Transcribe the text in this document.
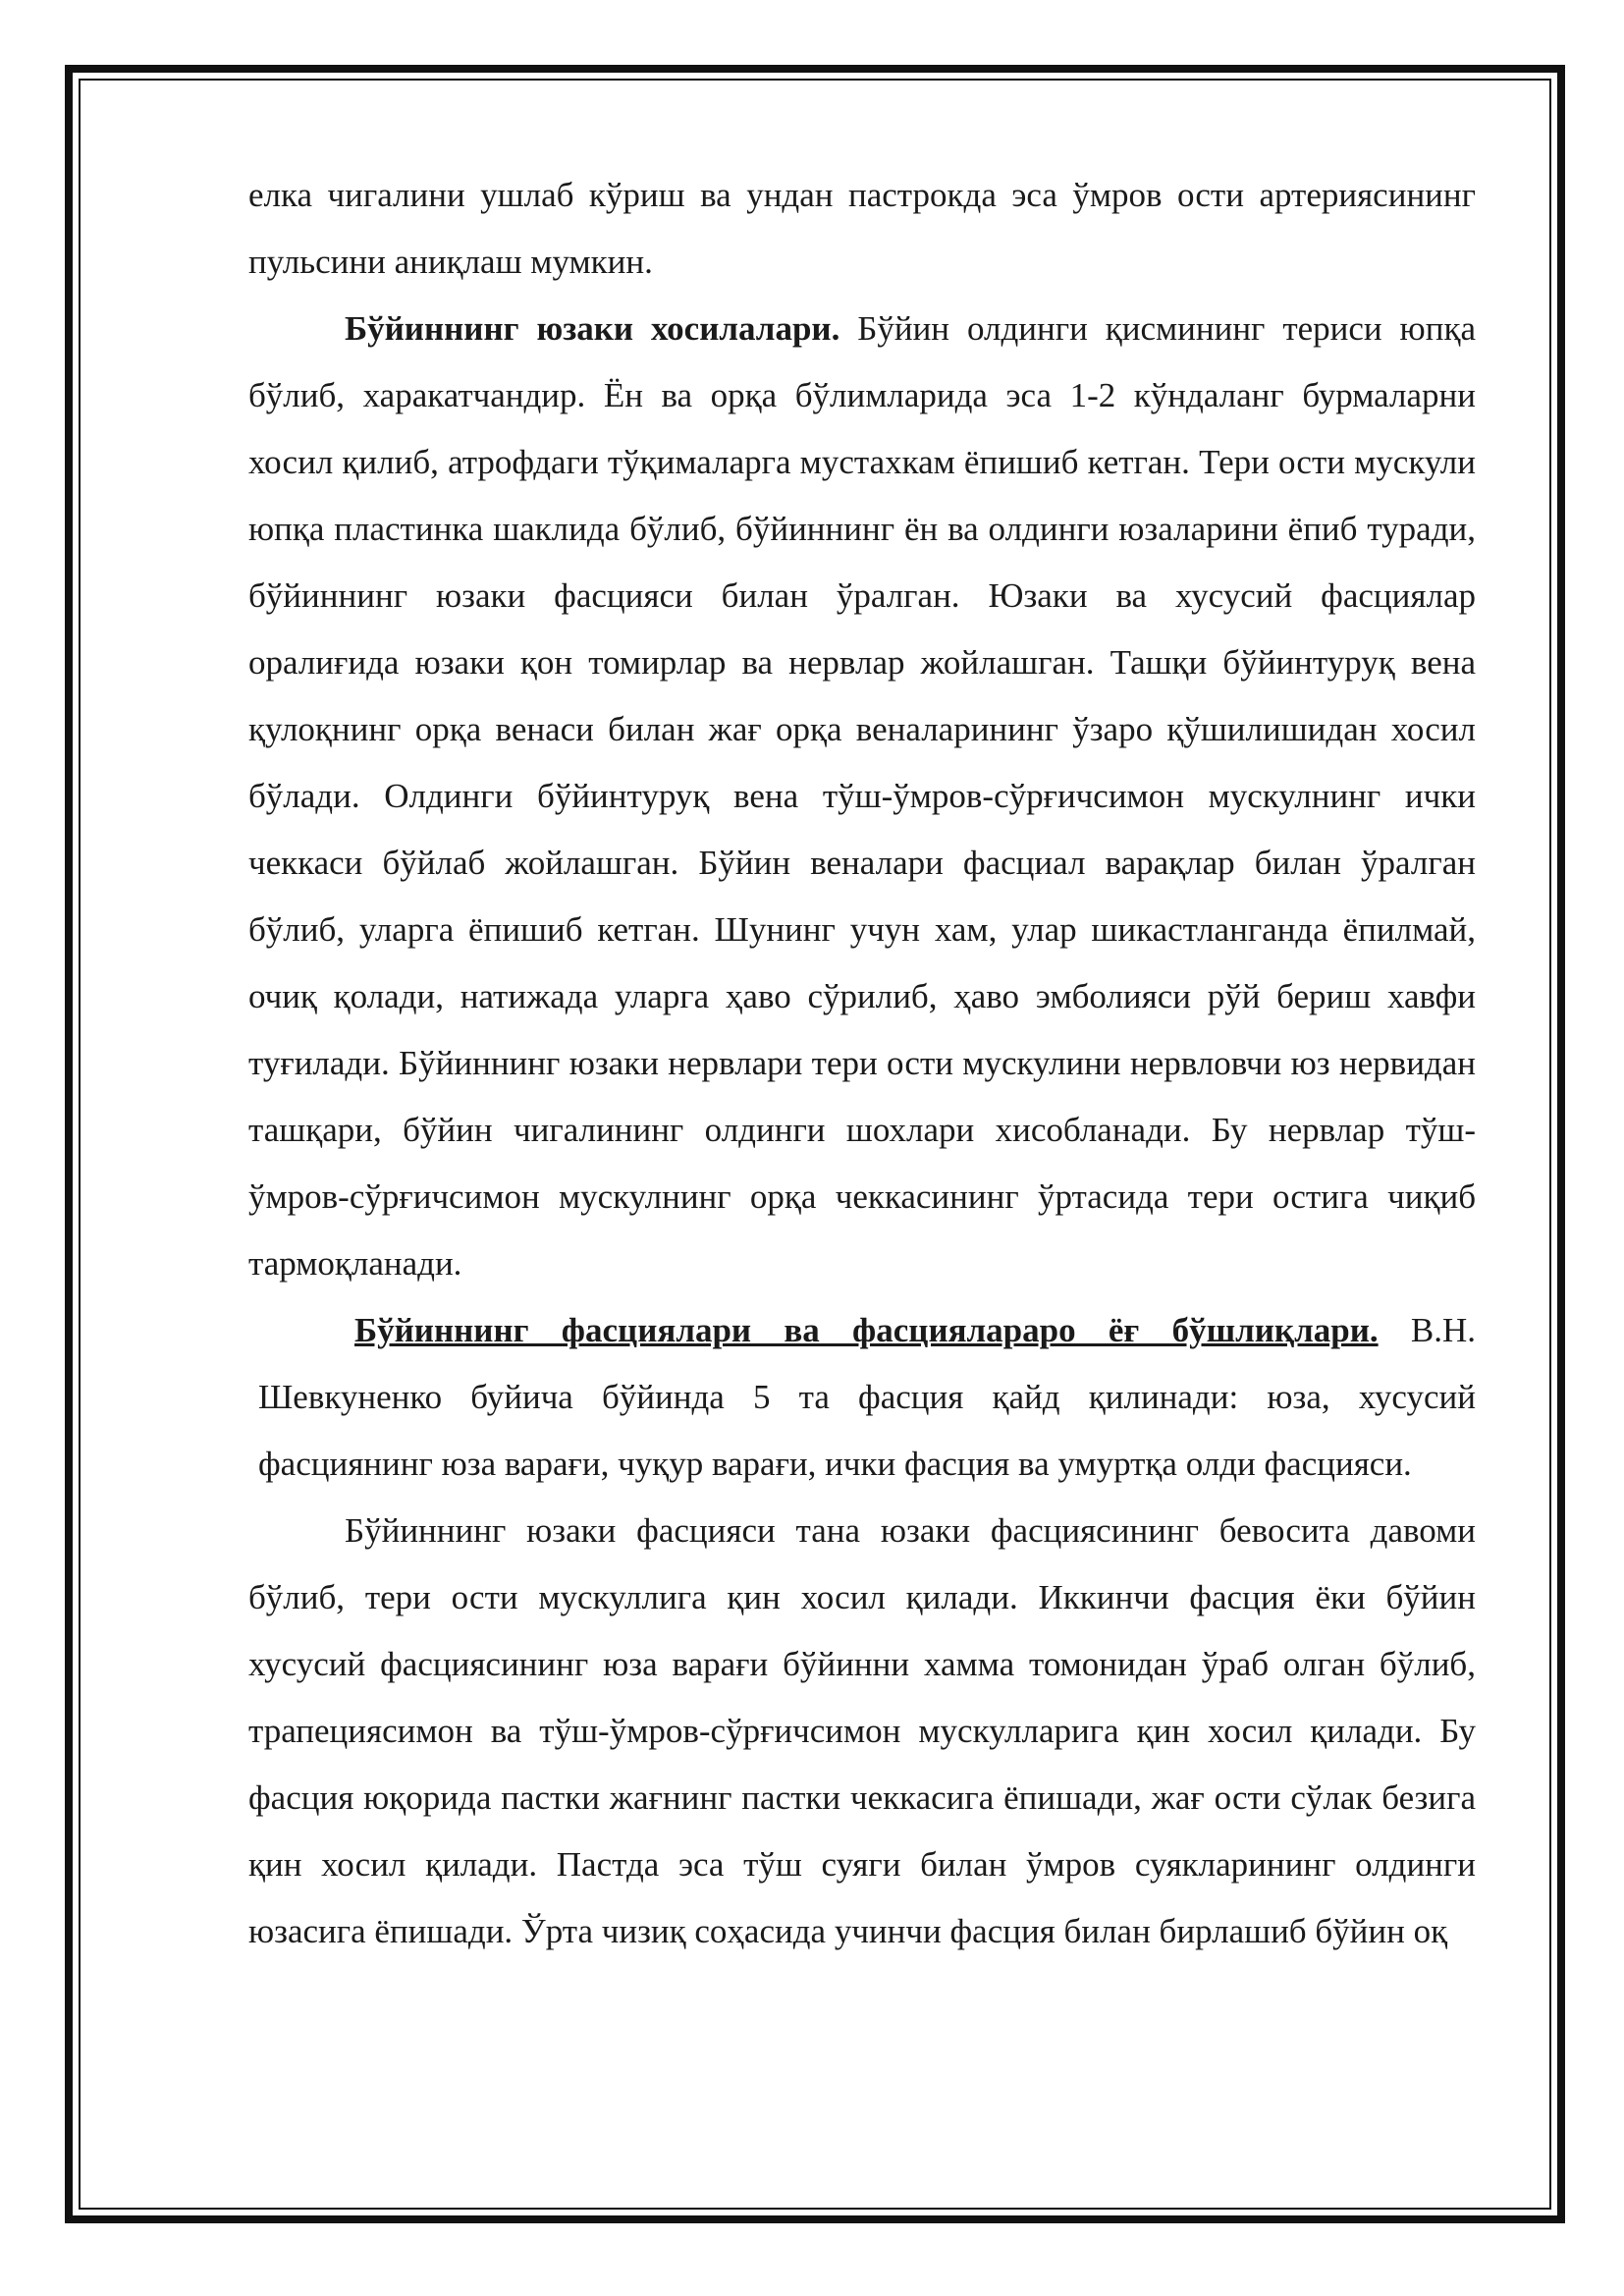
елка чигалини ушлаб кўриш ва ундан пастрокда эса ўмров ости артериясининг пульсини аниқлаш мумкин.

Бўйиннинг юзаки хосилалари. Бўйин олдинги қисмининг териси юпқа бўлиб, харакатчандир. Ён ва орқа бўлимларида эса 1-2 кўндаланг бурмаларни хосил қилиб, атрофдаги тўқималарга мустахкам ёпишиб кетган. Тери ости мускули юпқа пластинка шаклида бўлиб, бўйиннинг ён ва олдинги юзаларини ёпиб туради, бўйиннинг юзаки фасцияси билан ўралган. Юзаки ва хусусий фасциялар оралиғида юзаки қон томирлар ва нервлар жойлашган. Ташқи бўйинтуруқ вена қулоқнинг орқа венаси билан жағ орқа веналарининг ўзаро қўшилишидан хосил бўлади. Олдинги бўйинтуруқ вена тўш-ўмров-сўрғичсимон мускулнинг ички чеккаси бўйлаб жойлашган. Бўйин веналари фасциал варақлар билан ўралган бўлиб, уларга ёпишиб кетган. Шунинг учун хам, улар шикастланганда ёпилмай, очиқ қолади, натижада уларга ҳаво сўрилиб, ҳаво эмболияси рўй бериш хавфи туғилади. Бўйиннинг юзаки нервлари тери ости мускулини нервловчи юз нервидан ташқари, бўйин чигалининг олдинги шохлари хисобланади. Бу нервлар тўш-ўмров-сўрғичсимон мускулнинг орқа чеккасининг ўртасида тери остига чиқиб тармоқланади.

Бўйиннинг фасциялари ва фасциялараро ёғ бўшлиқлари. В.Н. Шевкуненко буйича бўйинда 5 та фасция қайд қилинади: юза, хусусий фасциянинг юза варағи, чуқур варағи, ички фасция ва умуртқа олди фасцияси.

Бўйиннинг юзаки фасцияси тана юзаки фасциясининг бевосита давоми бўлиб, тери ости мускуллига қин хосил қилади. Иккинчи фасция ёки бўйин хусусий фасциясининг юза варағи бўйинни хамма томонидан ўраб олган бўлиб, трапециясимон ва тўш-ўмров-сўрғичсимон мускулларига қин хосил қилади. Бу фасция юқорида пастки жағнинг пастки чеккасига ёпишади, жағ ости сўлак безига қин хосил қилади. Пастда эса тўш суяги билан ўмров суякларининг олдинги юзасига ёпишади. Ўрта чизиқ соҳасида учинчи фасция билан бирлашиб бўйин оқ
